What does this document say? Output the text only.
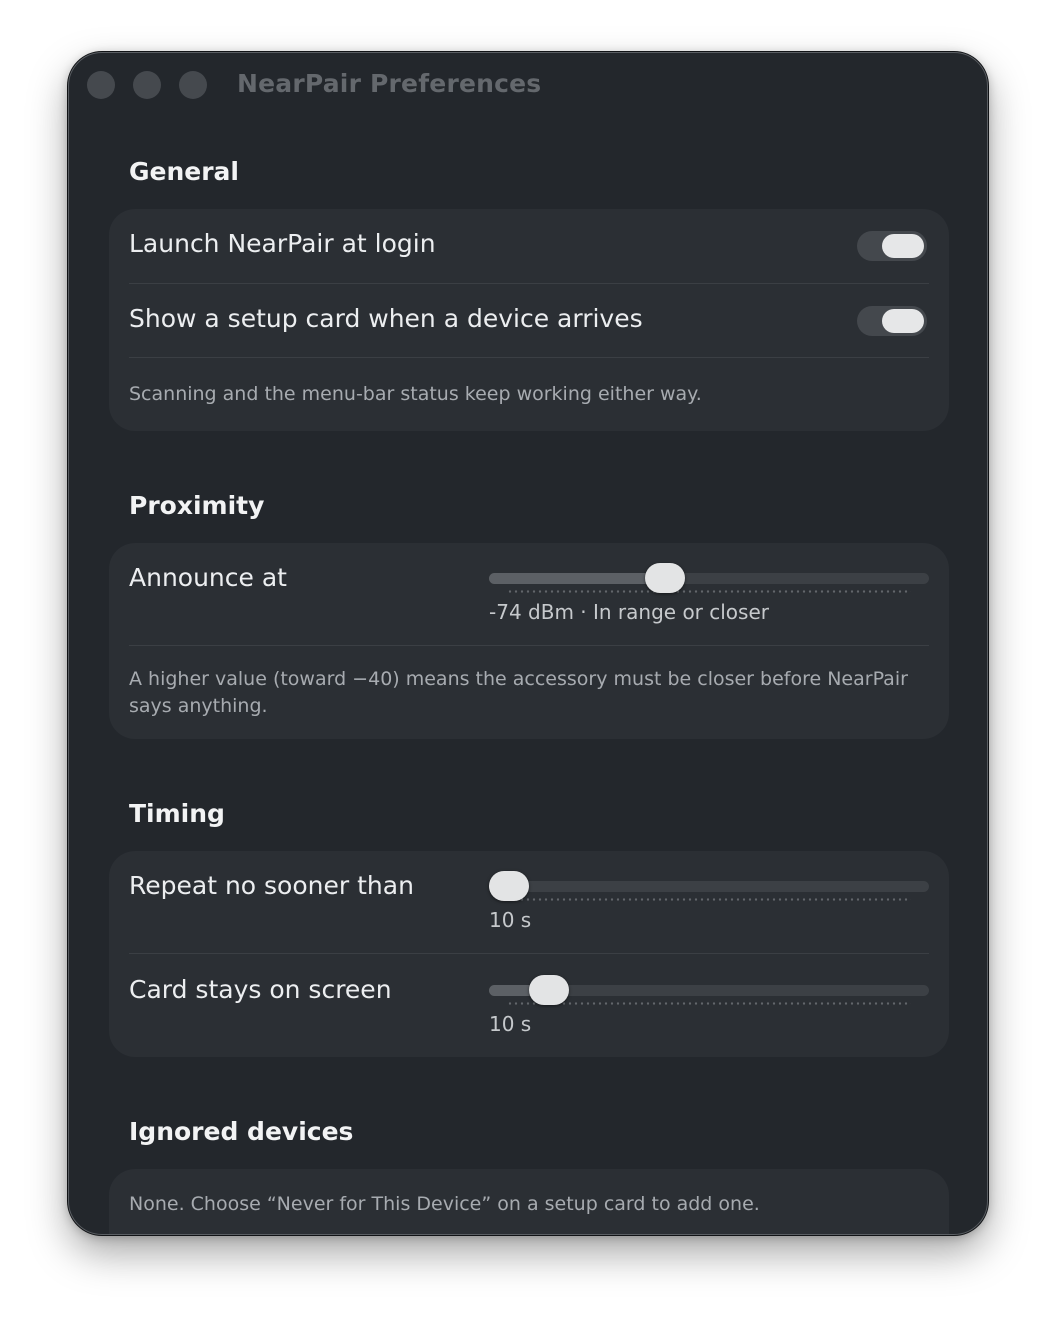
NearPair Preferences
General
Launch NearPair at login
Show a setup card when a device arrives
Scanning and the menu-bar status keep working either way.
Proximity
Announce at
-74 dBm · In range or closer
A higher value (toward −40) means the accessory must be closer before NearPair says anything.
Timing
Repeat no sooner than
10 s
Card stays on screen
10 s
Ignored devices
None. Choose “Never for This Device” on a setup card to add one.
